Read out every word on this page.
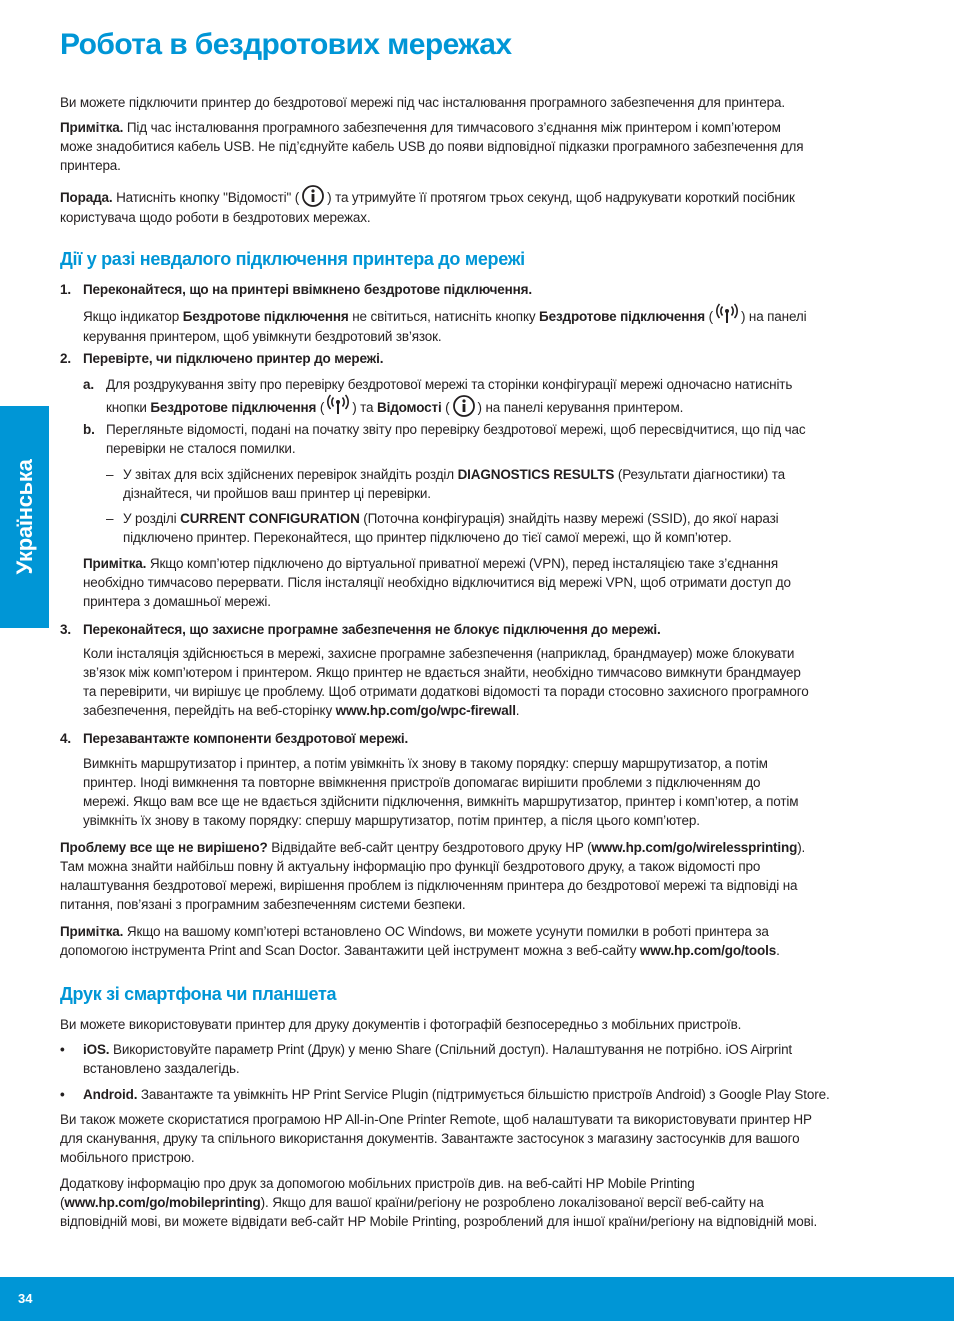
Українська
Робота в бездротових мережах

Ви можете підключити принтер до бездротової мережі під час інсталювання програмного забезпечення для принтера.

Примітка. Під час інсталювання програмного забезпечення для тимчасового з’єднання між принтером і комп’ютером

може знадобитися кабель USB. Не під’єднуйте кабель USB до появи відповідної підказки програмного забезпечення для

принтера.

Порада. Натисніть кнопку "Відомості" ( ) та утримуйте її протягом трьох секунд, щоб надрукувати короткий посібник

користувача щодо роботи в бездротових мережах.

Дії у разі невдалого підключення принтера до мережі
1. Переконайтеся, що на принтері ввімкнено бездротове підключення.

Якщо індикатор Бездротове підключення не світиться, натисніть кнопку Бездротове підключення ( ) на панелі

керування принтером, щоб увімкнути бездротовий зв’язок.

2. Перевірте, чи підключено принтер до мережі.
a. Для роздрукування звіту про перевірку бездротової мережі та сторінки конфігурації мережі одночасно натисніть

кнопки Бездротове підключення ( ) та Відомості ( ) на панелі керування принтером.

b. Перегляньте відомості, подані на початку звіту про перевірку бездротової мережі, щоб пересвідчитися, що під час

перевірки не сталося помилки.

– У звітах для всіх здійснених перевірок знайдіть розділ DIAGNOSTICS RESULTS (Результати діагностики) та

дізнайтеся, чи пройшов ваш принтер ці перевірки.

– У розділі CURRENT CONFIGURATION (Поточна конфігурація) знайдіть назву мережі (SSID), до якої наразі

підключено принтер. Переконайтеся, що принтер підключено до тієї самої мережі, що й комп’ютер.

Примітка. Якщо комп’ютер підключено до віртуальної приватної мережі (VPN), перед інсталяцією таке з’єднання

необхідно тимчасово перервати. Після інсталяції необхідно відключитися від мережі VPN, щоб отримати доступ до

принтера з домашньої мережі.

3. Переконайтеся, що захисне програмне забезпечення не блокує підключення до мережі.

Коли інсталяція здійснюється в мережі, захисне програмне забезпечення (наприклад, брандмауер) може блокувати

зв’язок між комп’ютером і принтером. Якщо принтер не вдається знайти, необхідно тимчасово вимкнути брандмауер

та перевірити, чи вирішує це проблему. Щоб отримати додаткові відомості та поради стосовно захисного програмного

забезпечення, перейдіть на веб-сторінку www.hp.com/go/wpc-firewall.

4. Перезавантажте компоненти бездротової мережі.

Вимкніть маршрутизатор і принтер, а потім увімкніть їх знову в такому порядку: спершу маршрутизатор, а потім

принтер. Іноді вимкнення та повторне ввімкнення пристроїв допомагає вирішити проблеми з підключенням до

мережі. Якщо вам все ще не вдається здійснити підключення, вимкніть маршрутизатор, принтер і комп’ютер, а потім

увімкніть їх знову в такому порядку: спершу маршрутизатор, потім принтер, а після цього комп’ютер.

Проблему все ще не вирішено? Відвідайте веб-сайт центру бездротового друку HP (www.hp.com/go/wirelessprinting).

Там можна знайти найбільш повну й актуальну інформацію про функції бездротового друку, а також відомості про

налаштування бездротової мережі, вирішення проблем із підключенням принтера до бездротової мережі та відповіді на

питання, пов’язані з програмним забезпеченням системи безпеки.

Примітка. Якщо на вашому комп’ютері встановлено ОС Windows, ви можете усунути помилки в роботі принтера за

допомогою інструмента Print and Scan Doctor. Завантажити цей інструмент можна з веб-сайту www.hp.com/go/tools.

Друк зі смартфона чи планшета

Ви можете використовувати принтер для друку документів і фотографій безпосередньо з мобільних пристроїв.

• iOS. Використовуйте параметр Print (Друк) у меню Share (Спільний доступ). Налаштування не потрібно. iOS Airprint

встановлено заздалегідь.

• Android. Завантажте та увімкніть HP Print Service Plugin (підтримується більшістю пристроїв Android) з Google Play Store.

Ви також можете скористатися програмою HP All-in-One Printer Remote, щоб налаштувати та використовувати принтер HP

для сканування, друку та спільного використання документів. Завантажте застосунок з магазину застосунків для вашого

мобільного пристрою.

Додаткову інформацію про друк за допомогою мобільних пристроїв див. на веб-сайті HP Mobile Printing

(www.hp.com/go/mobileprinting). Якщо для вашої країни/регіону не розроблено локалізованої версії веб-сайту на

відповідній мові, ви можете відвідати веб-сайт HP Mobile Printing, розроблений для іншої країни/регіону на відповідній мові.

34
